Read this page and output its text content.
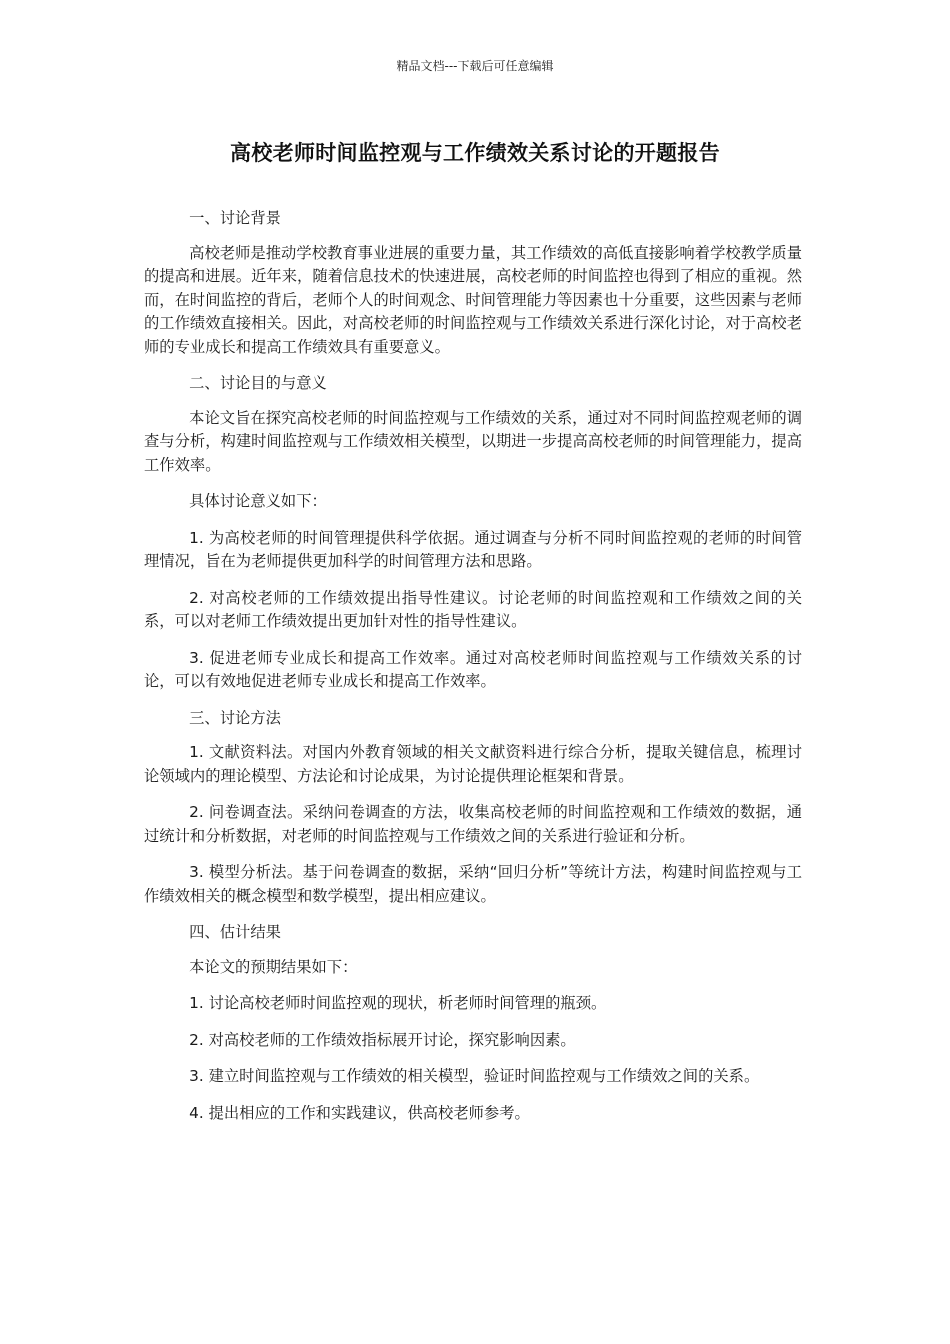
精品文档---下载后可任意编辑
高校老师时间监控观与工作绩效关系讨论的开题报告

一、讨论背景

高校老师是推动学校教育事业进展的重要力量，其工作绩效的高低直接影响着学校教学质量的提高和进展。近年来，随着信息技术的快速进展，高校老师的时间监控也得到了相应的重视。然而，在时间监控的背后，老师个人的时间观念、时间管理能力等因素也十分重要，这些因素与老师的工作绩效直接相关。因此，对高校老师的时间监控观与工作绩效关系进行深化讨论，对于高校老师的专业成长和提高工作绩效具有重要意义。

二、讨论目的与意义

本论文旨在探究高校老师的时间监控观与工作绩效的关系，通过对不同时间监控观老师的调查与分析，构建时间监控观与工作绩效相关模型，以期进一步提高高校老师的时间管理能力，提高工作效率。

具体讨论意义如下：

1. 为高校老师的时间管理提供科学依据。通过调查与分析不同时间监控观的老师的时间管理情况，旨在为老师提供更加科学的时间管理方法和思路。

2. 对高校老师的工作绩效提出指导性建议。讨论老师的时间监控观和工作绩效之间的关系，可以对老师工作绩效提出更加针对性的指导性建议。

3. 促进老师专业成长和提高工作效率。通过对高校老师时间监控观与工作绩效关系的讨论，可以有效地促进老师专业成长和提高工作效率。

三、讨论方法

1. 文献资料法。对国内外教育领域的相关文献资料进行综合分析，提取关键信息，梳理讨论领域内的理论模型、方法论和讨论成果，为讨论提供理论框架和背景。

2. 问卷调查法。采纳问卷调查的方法，收集高校老师的时间监控观和工作绩效的数据，通过统计和分析数据，对老师的时间监控观与工作绩效之间的关系进行验证和分析。

3. 模型分析法。基于问卷调查的数据，采纳“回归分析”等统计方法，构建时间监控观与工作绩效相关的概念模型和数学模型，提出相应建议。

四、估计结果

本论文的预期结果如下：

1. 讨论高校老师时间监控观的现状，析老师时间管理的瓶颈。

2. 对高校老师的工作绩效指标展开讨论，探究影响因素。

3. 建立时间监控观与工作绩效的相关模型，验证时间监控观与工作绩效之间的关系。

4. 提出相应的工作和实践建议，供高校老师参考。
